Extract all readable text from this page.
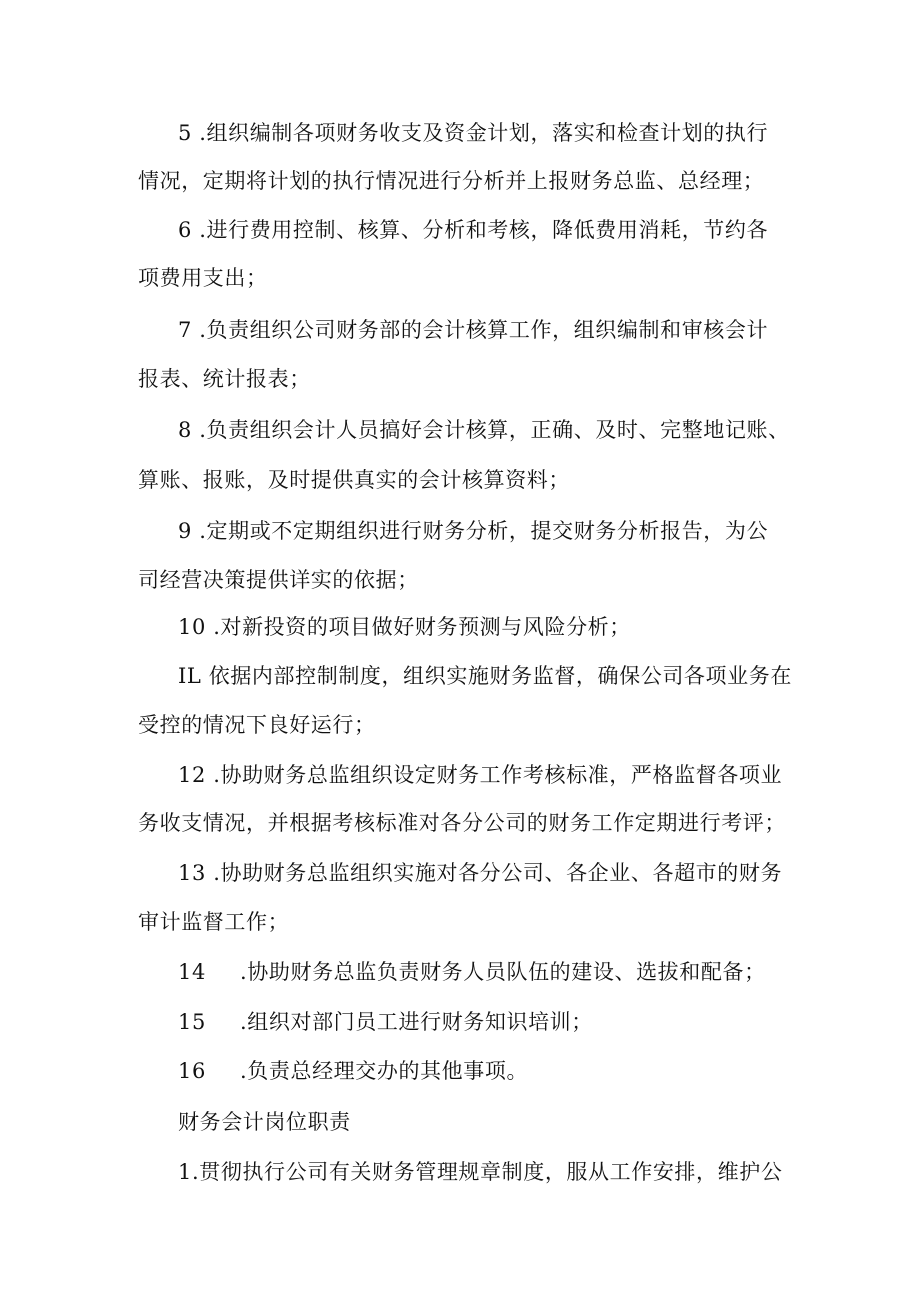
5 .组织编制各项财务收支及资金计划，落实和检查计划的执行
情况，定期将计划的执行情况进行分析并上报财务总监、总经理；
6 .进行费用控制、核算、分析和考核，降低费用消耗，节约各
项费用支出；
7 .负责组织公司财务部的会计核算工作，组织编制和审核会计
报表、统计报表；
8 .负责组织会计人员搞好会计核算，正确、及时、完整地记账、
算账、报账，及时提供真实的会计核算资料；
9 .定期或不定期组织进行财务分析，提交财务分析报告，为公
司经营决策提供详实的依据；
10 .对新投资的项目做好财务预测与风险分析；
IL 依据内部控制制度，组织实施财务监督，确保公司各项业务在
受控的情况下良好运行；
12 .协助财务总监组织设定财务工作考核标准，严格监督各项业
务收支情况，并根据考核标准对各分公司的财务工作定期进行考评；
13 .协助财务总监组织实施对各分公司、各企业、各超市的财务
审计监督工作；
14 .协助财务总监负责财务人员队伍的建设、选拔和配备；
15 .组织对部门员工进行财务知识培训；
16 .负责总经理交办的其他事项。
财务会计岗位职责
1.贯彻执行公司有关财务管理规章制度，服从工作安排，维护公
